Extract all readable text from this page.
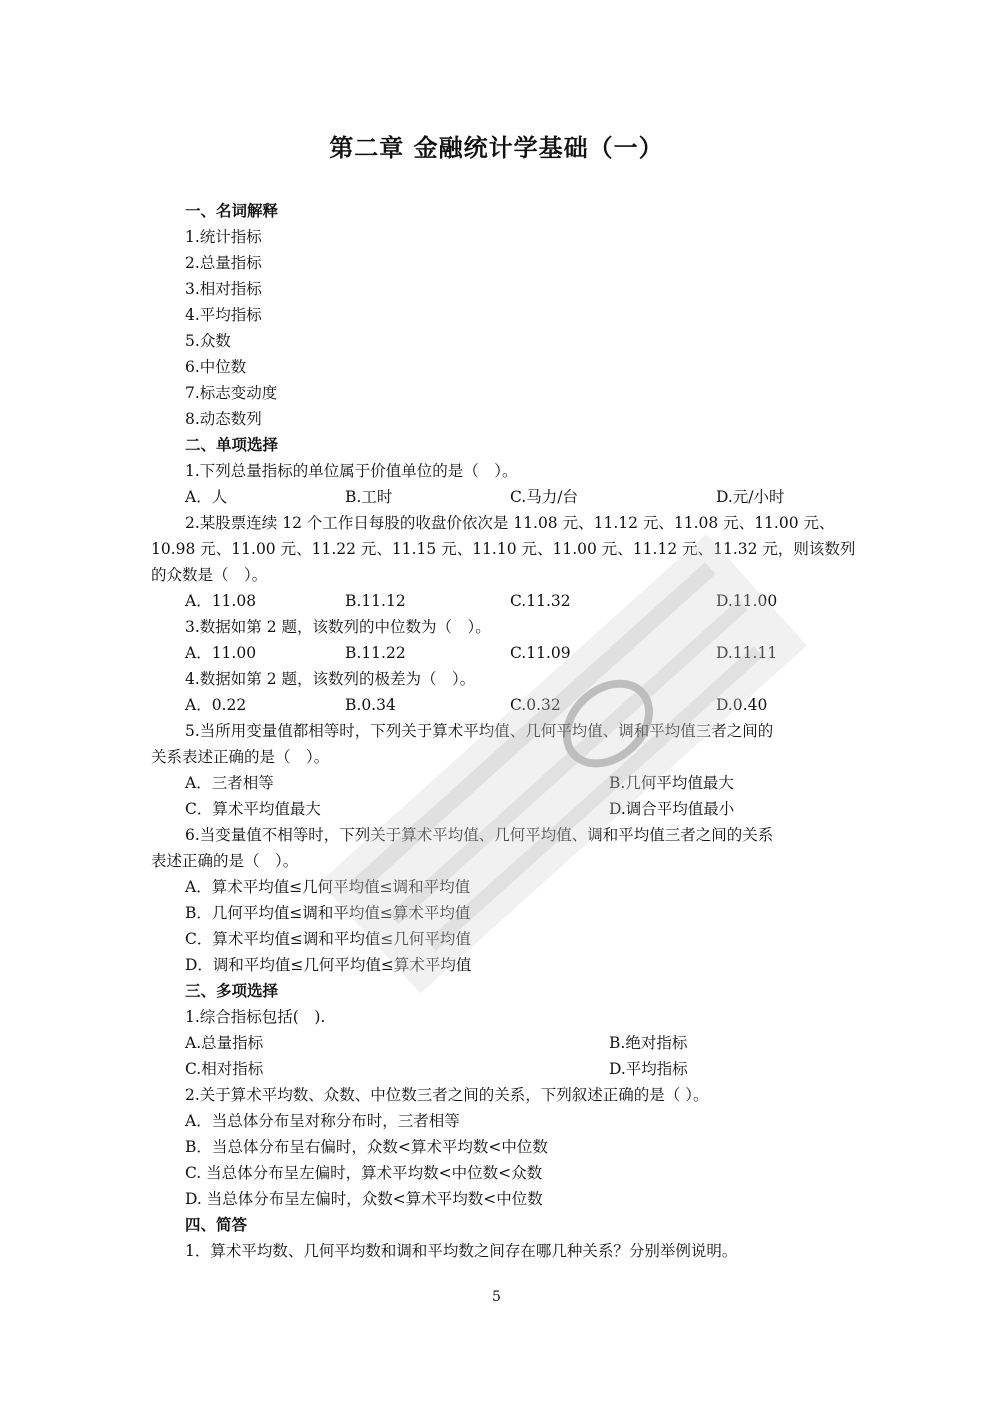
第二章 金融统计学基础（一）
一、名词解释
1.统计指标
2.总量指标
3.相对指标
4.平均指标
5.众数
6.中位数
7.标志变动度
8.动态数列
二、单项选择
1.下列总量指标的单位属于价值单位的是（　）。
A．人	B.工时	C.马力/台	D.元/小时
2.某股票连续 12 个工作日每股的收盘价依次是 11.08 元、11.12 元、11.08 元、11.00 元、
10.98 元、11.00 元、11.22 元、11.15 元、11.10 元、11.00 元、11.12 元、11.32 元，则该数列
的众数是（　）。
A．11.08	B.11.12	C.11.32	D.11.00
3.数据如第 2 题，该数列的中位数为（　）。
A．11.00	B.11.22	C.11.09	D.11.11
4.数据如第 2 题，该数列的极差为（　）。
A．0.22	B.0.34	C.0.32	D.0.40
5.当所用变量值都相等时，下列关于算术平均值、几何平均值、调和平均值三者之间的
关系表述正确的是（　）。
A．三者相等	B.几何平均值最大
C．算术平均值最大	D.调合平均值最小
6.当变量值不相等时，下列关于算术平均值、几何平均值、调和平均值三者之间的关系
表述正确的是（　）。
A．算术平均值≤几何平均值≤调和平均值
B．几何平均值≤调和平均值≤算术平均值
C．算术平均值≤调和平均值≤几何平均值
D．调和平均值≤几何平均值≤算术平均值
三、多项选择
1.综合指标包括(　).
A.总量指标	B.绝对指标
C.相对指标	D.平均指标
2.关于算术平均数、众数、中位数三者之间的关系，下列叙述正确的是（ ）。
A．当总体分布呈对称分布时，三者相等
B．当总体分布呈右偏时，众数<算术平均数<中位数
C. 当总体分布呈左偏时，算术平均数<中位数<众数
D. 当总体分布呈左偏时，众数<算术平均数<中位数
四、简答
1．算术平均数、几何平均数和调和平均数之间存在哪几种关系？分别举例说明。
5
